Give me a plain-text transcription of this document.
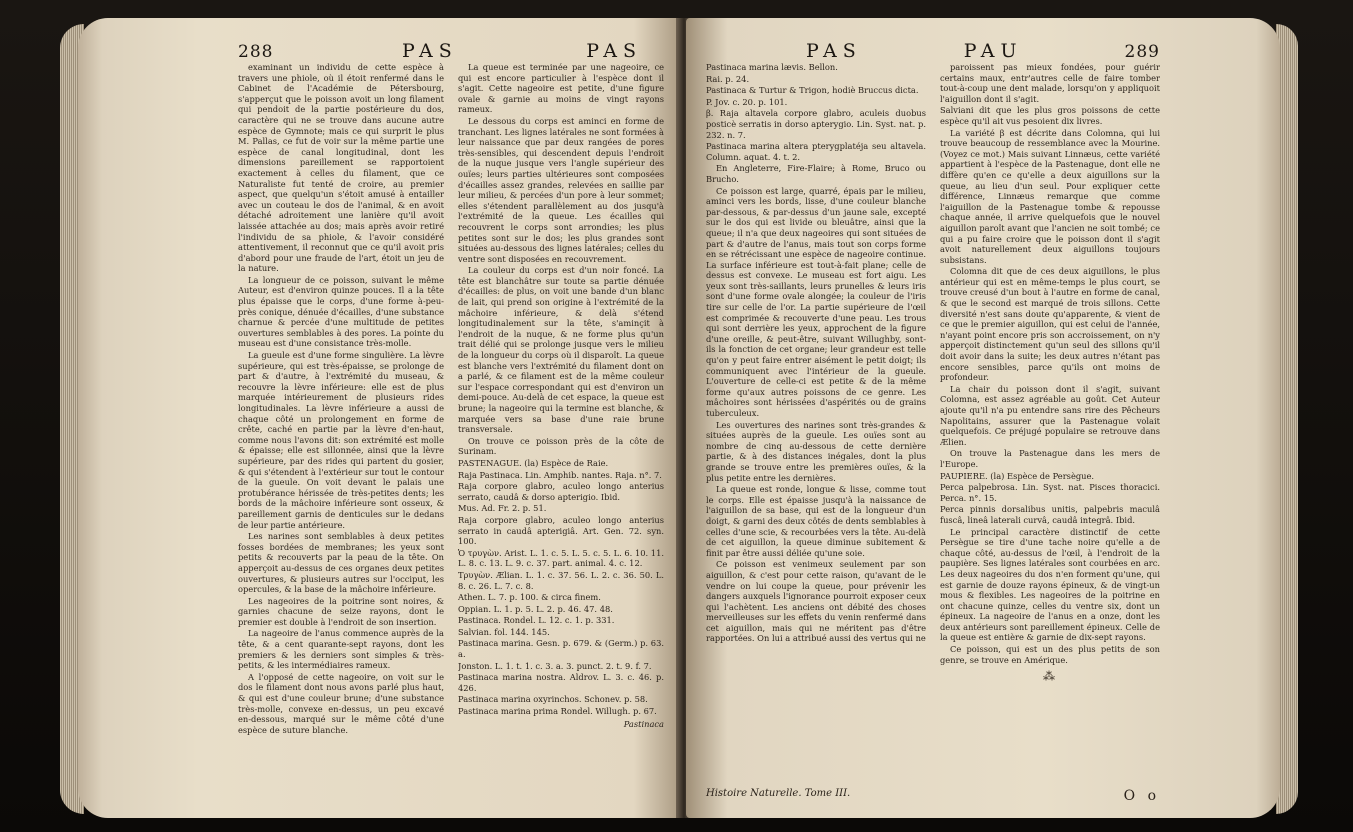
288	PAS	PAS

examinant un individu de cette espèce à travers une phiole, où il étoit renfermé dans le Cabinet de l'Académie de Pétersbourg, s'apperçut que le poisson avoit un long filament qui pendoit de la partie postérieure du dos, caractère qui ne se trouve dans aucune autre espèce de Gymnote; mais ce qui surprit le plus M. Pallas, ce fut de voir sur la même partie une espèce de canal longitudinal, dont les dimensions pareillement se rapportoient exactement à celles du filament, que ce Naturaliste fut tenté de croire, au premier aspect, que quelqu'un s'étoit amusé à entailler avec un couteau le dos de l'animal, & en avoit détaché adroitement une lanière qu'il avoit laissée attachée au dos; mais après avoir retiré l'individu de sa phiole, & l'avoir considéré attentivement, il reconnut que ce qu'il avoit pris d'abord pour une fraude de l'art, étoit un jeu de la nature.

La longueur de ce poisson, suivant le même Auteur, est d'environ quinze pouces. Il a la tête plus épaisse que le corps, d'une forme à-peu-près conique, dénuée d'écailles, d'une substance charnue & percée d'une multitude de petites ouvertures semblables à des pores. La pointe du museau est d'une consistance très-molle.

La gueule est d'une forme singulière. La lèvre supérieure, qui est très-épaisse, se prolonge de part & d'autre, à l'extrémité du museau, & recouvre la lèvre inférieure: elle est de plus marquée intérieurement de plusieurs rides longitudinales. La lèvre inférieure a aussi de chaque côté un prolongement en forme de crête, caché en partie par la lèvre d'en-haut, comme nous l'avons dit: son extrémité est molle & épaisse; elle est sillonnée, ainsi que la lèvre supérieure, par des rides qui partent du gosier, & qui s'étendent à l'extérieur sur tout le contour de la gueule. On voit devant le palais une protubérance hérissée de très-petites dents; les bords de la mâchoire inférieure sont osseux, & pareillement garnis de denticules sur le dedans de leur partie antérieure.

Les narines sont semblables à deux petites fosses bordées de membranes; les yeux sont petits & recouverts par la peau de la tête. On apperçoit au-dessus de ces organes deux petites ouvertures, & plusieurs autres sur l'occiput, les opercules, & la base de la mâchoire inférieure.

Les nageoires de la poitrine sont noires, & garnies chacune de seize rayons, dont le premier est double à l'endroit de son insertion.

La nageoire de l'anus commence auprès de la tête, & a cent quarante-sept rayons, dont les premiers & les derniers sont simples & très-petits, & les intermédiaires rameux.

A l'opposé de cette nageoire, on voit sur le dos le filament dont nous avons parlé plus haut, & qui est d'une couleur brune; d'une substance très-molle, convexe en-dessus, un peu excavé en-dessous, marqué sur le même côté d'une espèce de suture blanche.

La queue est terminée par une nageoire, ce qui est encore particulier à l'espèce dont il s'agit. Cette nageoire est petite, d'une figure ovale & garnie au moins de vingt rayons rameux.

Le dessous du corps est aminci en forme de tranchant. Les lignes latérales ne sont formées à leur naissance que par deux rangées de pores très-sensibles, qui descendent depuis l'endroit de la nuque jusque vers l'angle supérieur des ouïes; leurs parties ultérieures sont composées d'écailles assez grandes, relevées en saillie par leur milieu, & percées d'un pore à leur sommet; elles s'étendent parallèlement au dos jusqu'à l'extrémité de la queue. Les écailles qui recouvrent le corps sont arrondies; les plus petites sont sur le dos; les plus grandes sont situées au-dessous des lignes latérales; celles du ventre sont disposées en recouvrement.

La couleur du corps est d'un noir foncé. La tête est blanchâtre sur toute sa partie dénuée d'écailles: de plus, on voit une bande d'un blanc de lait, qui prend son origine à l'extrémité de la mâchoire inférieure, & delà s'étend longitudinalement sur la tête, s'aminçit à l'endroit de la nuque, & ne forme plus qu'un trait délié qui se prolonge jusque vers le milieu de la longueur du corps où il disparoît. La queue est blanche vers l'extrémité du filament dont on a parlé, & ce filament est de la même couleur sur l'espace correspondant qui est d'environ un demi-pouce. Au-delà de cet espace, la queue est brune; la nageoire qui la termine est blanche, & marquée vers sa base d'une raie brune transversale.

On trouve ce poisson près de la côte de Surinam.

PASTENAGUE. (la) Espèce de Raie.

Raja Pastinaca. Lin. Amphib. nantes. Raja. n°. 7.

Raja corpore glabro, aculeo longo anterius serrato, caudâ & dorso apterigio. Ibid.

Mus. Ad. Fr. 2. p. 51.

Raja corpore glabro, aculeo longo anterius serrato in caudâ apterigiâ. Art. Gen. 72. syn. 100.

Ὁ τρυγὼν. Arist. L. 1. c. 5. L. 5. c. 5. L. 6. 10. 11. L. 8. c. 13. L. 9. c. 37. part. animal. 4. c. 12.

Τρυγὼν. Ælian. L. 1. c. 37. 56. L. 2. c. 36. 50. L. 8. c. 26. L. 7. c. 8.

Athen. L. 7. p. 100. & circa finem.

Oppian. L. 1. p. 5. L. 2. p. 46. 47. 48.

Pastinaca. Rondel. L. 12. c. 1. p. 331.

Salvian. fol. 144. 145.

Pastinaca marina. Gesn. p. 679. & (Germ.) p. 63. a.

Jonston. L. 1. t. 1. c. 3. a. 3. punct. 2. t. 9. f. 7.

Pastinaca marina nostra. Aldrov. L. 3. c. 46. p. 426.

Pastinaca marina oxyrinchos. Schonev. p. 58.

Pastinaca marina prima Rondel. Willugh. p. 67.

Pastinaca
PAS	PAU	289

Pastinaca marina lævis. Bellon.

Rai. p. 24.

Pastinaca & Turtur & Trigon, hodiè Bruccus dicta.

P. Jov. c. 20. p. 101.

β. Raja altavela corpore glabro, aculeis duobus posticè serratis in dorso apterygio. Lin. Syst. nat. p. 232. n. 7.

Pastinaca marina altera pterygplatéja seu altavela. Column. aquat. 4. t. 2.

En Angleterre, Fire-Flaire; à Rome, Bruco ou Brucho.

Ce poisson est large, quarré, épais par le milieu, aminci vers les bords, lisse, d'une couleur blanche par-dessous, & par-dessus d'un jaune sale, excepté sur le dos qui est livide ou bleuâtre, ainsi que la queue; il n'a que deux nageoires qui sont situées de part & d'autre de l'anus, mais tout son corps forme en se rétrécissant une espèce de nageoire continue. La surface inférieure est tout-à-fait plane; celle de dessus est convexe. Le museau est fort aigu. Les yeux sont très-saillants, leurs prunelles & leurs iris sont d'une forme ovale alongée; la couleur de l'iris tire sur celle de l'or. La partie supérieure de l'œil est comprimée & recouverte d'une peau. Les trous qui sont derrière les yeux, approchent de la figure d'une oreille, & peut-être, suivant Willughby, sont-ils la fonction de cet organe; leur grandeur est telle qu'on y peut faire entrer aisément le petit doigt; ils communiquent avec l'intérieur de la gueule. L'ouverture de celle-ci est petite & de la même forme qu'aux autres poissons de ce genre. Les mâchoires sont hérissées d'aspérités ou de grains tuberculeux.

Les ouvertures des narines sont très-grandes & situées auprès de la gueule. Les ouïes sont au nombre de cinq au-dessous de cette dernière partie, & à des distances inégales, dont la plus grande se trouve entre les premières ouïes, & la plus petite entre les dernières.

La queue est ronde, longue & lisse, comme tout le corps. Elle est épaisse jusqu'à la naissance de l'aiguillon de sa base, qui est de la longueur d'un doigt, & garni des deux côtés de dents semblables à celles d'une scie, & recourbées vers la tête. Au-delà de cet aiguillon, la queue diminue subitement & finit par être aussi déliée qu'une soie.

Ce poisson est venimeux seulement par son aiguillon, & c'est pour cette raison, qu'avant de le vendre on lui coupe la queue, pour prévenir les dangers auxquels l'ignorance pourroit exposer ceux qui l'achètent. Les anciens ont débité des choses merveilleuses sur les effets du venin renfermé dans cet aiguillon, mais qui ne méritent pas d'être rapportées. On lui a attribué aussi des vertus qui ne

paroissent pas mieux fondées, pour guérir certains maux, entr'autres celle de faire tomber tout-à-coup une dent malade, lorsqu'on y appliquoit l'aiguillon dont il s'agit.

Salviani dit que les plus gros poissons de cette espèce qu'il ait vus pesoient dix livres.

La variété β est décrite dans Colomna, qui lui trouve beaucoup de ressemblance avec la Mourine. (Voyez ce mot.) Mais suivant Linnæus, cette variété appartient à l'espèce de la Pastenague, dont elle ne diffère qu'en ce qu'elle a deux aiguillons sur la queue, au lieu d'un seul. Pour expliquer cette différence, Linnæus remarque que comme l'aiguillon de la Pastenague tombe & repousse chaque année, il arrive quelquefois que le nouvel aiguillon paroît avant que l'ancien ne soit tombé; ce qui a pu faire croire que le poisson dont il s'agit avoit naturellement deux aiguillons toujours subsistans.

Colomna dit que de ces deux aiguillons, le plus antérieur qui est en même-temps le plus court, se trouve creusé d'un bout à l'autre en forme de canal, & que le second est marqué de trois sillons. Cette diversité n'est sans doute qu'apparente, & vient de ce que le premier aiguillon, qui est celui de l'année, n'ayant point encore pris son accroissement, on n'y apperçoit distinctement qu'un seul des sillons qu'il doit avoir dans la suite; les deux autres n'étant pas encore sensibles, parce qu'ils ont moins de profondeur.

La chair du poisson dont il s'agit, suivant Colomna, est assez agréable au goût. Cet Auteur ajoute qu'il n'a pu entendre sans rire des Pêcheurs Napolitains, assurer que la Pastenague volait quelquefois. Ce préjugé populaire se retrouve dans Ælien.

On trouve la Pastenague dans les mers de l'Europe.

PAUPIERE. (la) Espèce de Persègue.

Perca palpebrosa. Lin. Syst. nat. Pisces thoracici. Perca. n°. 15.

Perca pinnis dorsalibus unitis, palpebris maculâ fuscâ, lineâ laterali curvâ, caudâ integrâ. Ibid.

Le principal caractère distinctif de cette Persègue se tire d'une tache noire qu'elle a de chaque côté, au-dessus de l'œil, à l'endroit de la paupière. Ses lignes latérales sont courbées en arc. Les deux nageoires du dos n'en forment qu'une, qui est garnie de douze rayons épineux, & de vingt-un mous & flexibles. Les nageoires de la poitrine en ont chacune quinze, celles du ventre six, dont un épineux. La nageoire de l'anus en a onze, dont les deux antérieurs sont pareillement épineux. Celle de la queue est entière & garnie de dix-sept rayons.

Ce poisson, qui est un des plus petits de son genre, se trouve en Amérique.

⁂
Histoire Naturelle. Tome III.	O o
